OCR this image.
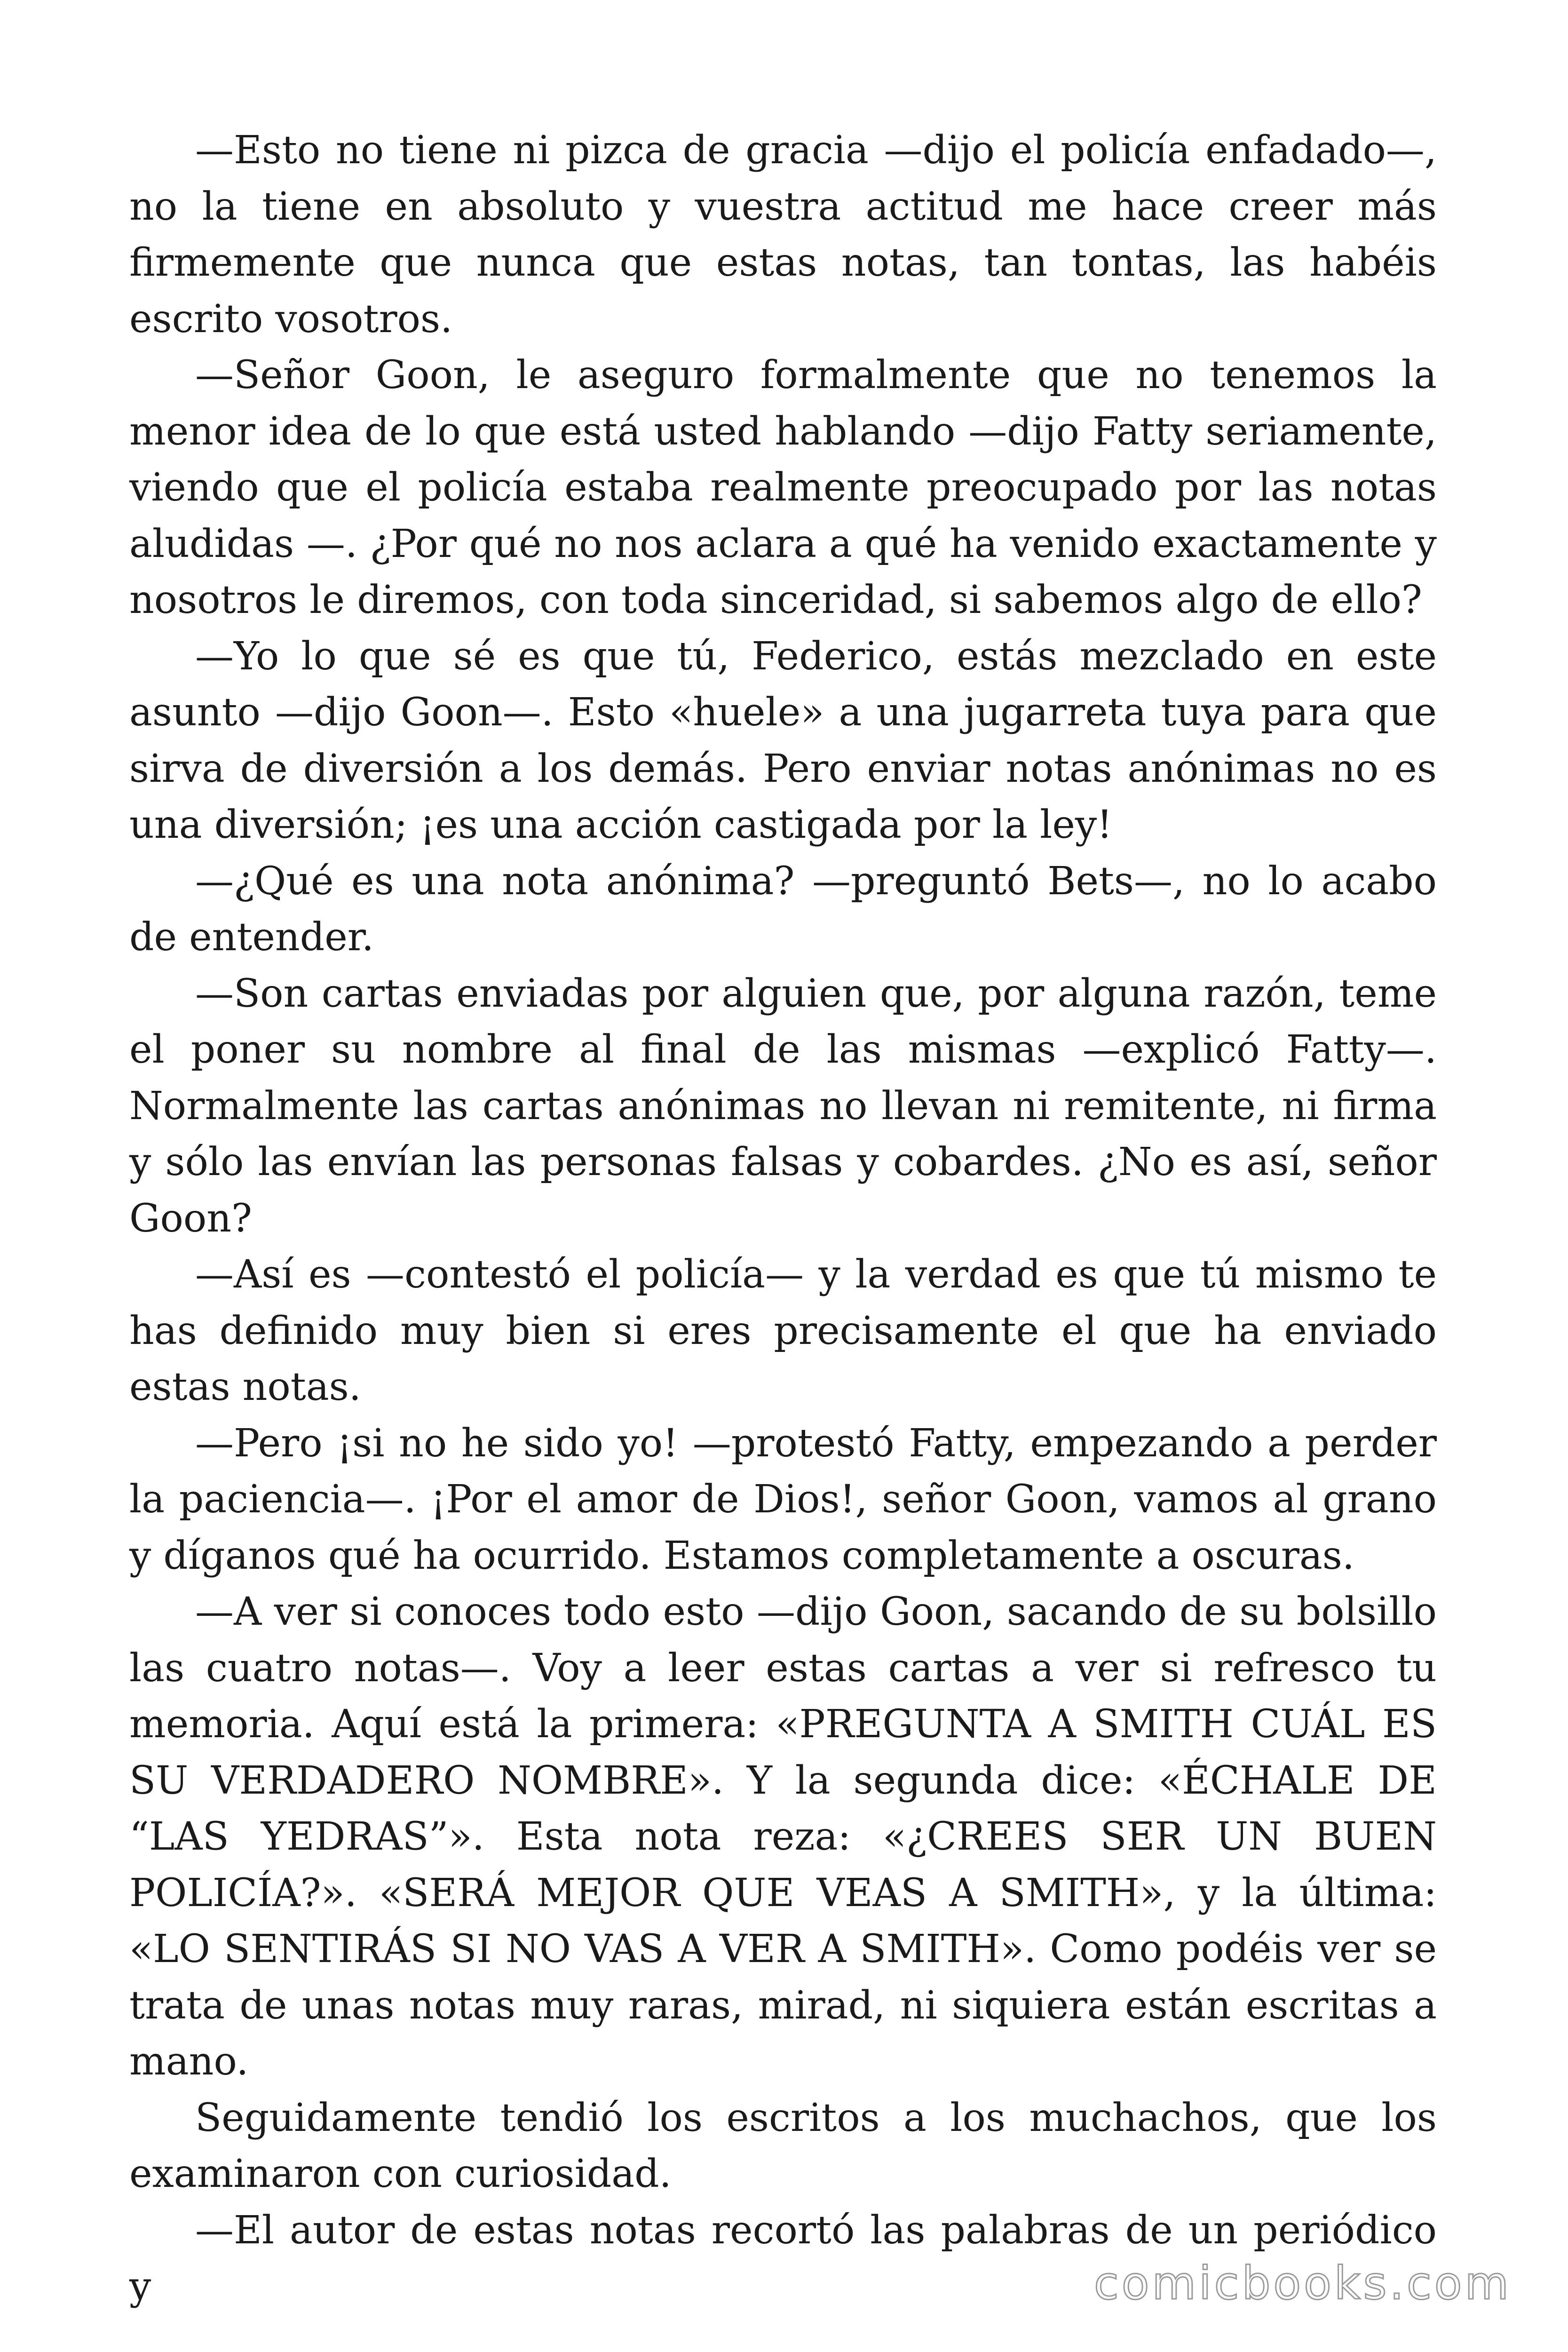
—Esto no tiene ni pizca de gracia —dijo el policía enfadado—, no la tiene en absoluto y vuestra actitud me hace creer más firmemente que nunca que estas notas, tan tontas, las habéis escrito vosotros.

—Señor Goon, le aseguro formalmente que no tenemos la menor idea de lo que está usted hablando —dijo Fatty seriamente, viendo que el policía estaba realmente preocupado por las notas aludidas —. ¿Por qué no nos aclara a qué ha venido exactamente y nosotros le diremos, con toda sinceridad, si sabemos algo de ello?

—Yo lo que sé es que tú, Federico, estás mezclado en este asunto —dijo Goon—. Esto «huele» a una jugarreta tuya para que sirva de diversión a los demás. Pero enviar notas anónimas no es una diversión; ¡es una acción castigada por la ley!

—¿Qué es una nota anónima? —preguntó Bets—, no lo acabo de entender.

—Son cartas enviadas por alguien que, por alguna razón, teme el poner su nombre al final de las mismas —explicó Fatty—. Normalmente las cartas anónimas no llevan ni remitente, ni firma y sólo las envían las personas falsas y cobardes. ¿No es así, señor Goon?

—Así es —contestó el policía— y la verdad es que tú mismo te has definido muy bien si eres precisamente el que ha enviado estas notas.

—Pero ¡si no he sido yo! —protestó Fatty, empezando a perder la paciencia—. ¡Por el amor de Dios!, señor Goon, vamos al grano y díganos qué ha ocurrido. Estamos completamente a oscuras.

—A ver si conoces todo esto —dijo Goon, sacando de su bolsillo las cuatro notas—. Voy a leer estas cartas a ver si refresco tu memoria. Aquí está la primera: «PREGUNTA A SMITH CUÁL ES SU VERDADERO NOMBRE». Y la segunda dice: «ÉCHALE DE “LAS YEDRAS”». Esta nota reza: «¿CREES SER UN BUEN POLICÍA?». «SERÁ MEJOR QUE VEAS A SMITH», y la última: «LO SENTIRÁS SI NO VAS A VER A SMITH». Como podéis ver se trata de unas notas muy raras, mirad, ni siquiera están escritas a mano.

Seguidamente tendió los escritos a los muchachos, que los examinaron con curiosidad.

—El autor de estas notas recortó las palabras de un periódico y	comicbooks.com
